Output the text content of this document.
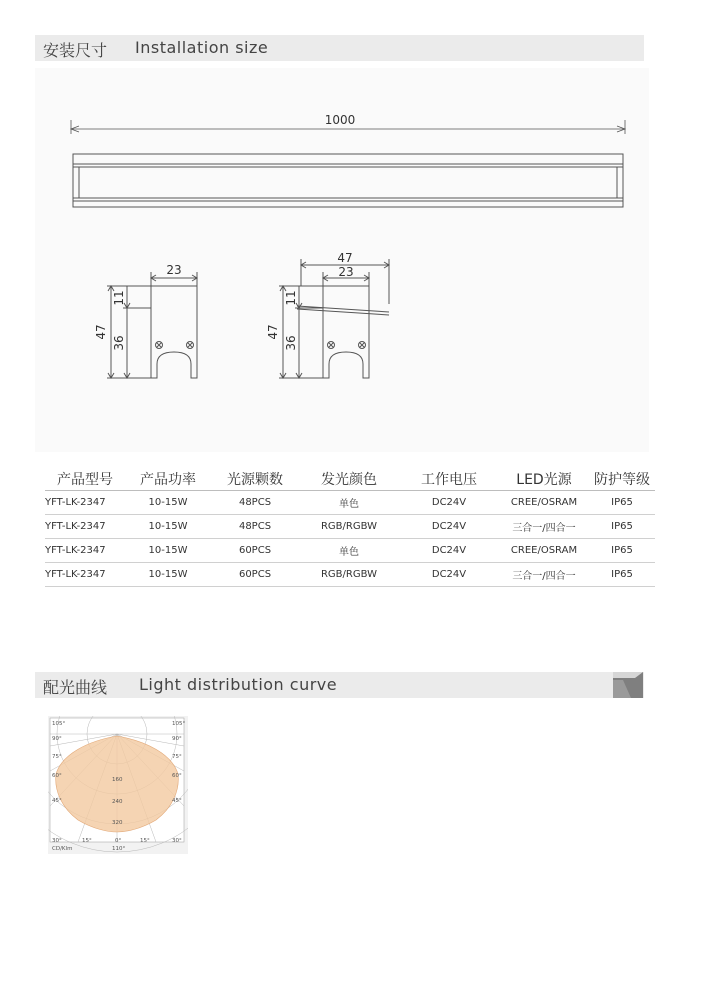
安装尺寸 Installation size
1000
23
47
11
36
47
23
47
11
36
产品型号	产品功率	光源颗数	发光颜色	工作电压	LED光源	防护等级
YFT-LK-2347	10-15W	48PCS	单色	DC24V	CREE/OSRAM	IP65
YFT-LK-2347	10-15W	48PCS	RGB/RGBW	DC24V	三合一/四合一	IP65
YFT-LK-2347	10-15W	60PCS	单色	DC24V	CREE/OSRAM	IP65
YFT-LK-2347	10-15W	60PCS	RGB/RGBW	DC24V	三合一/四合一	IP65
配光曲线 Light distribution curve
105°
90°
75°
60°
45°
30°
105°
90°
75°
60°
45°
30°
15°	0°	15°
160
240
320
CD/Klm	110°
